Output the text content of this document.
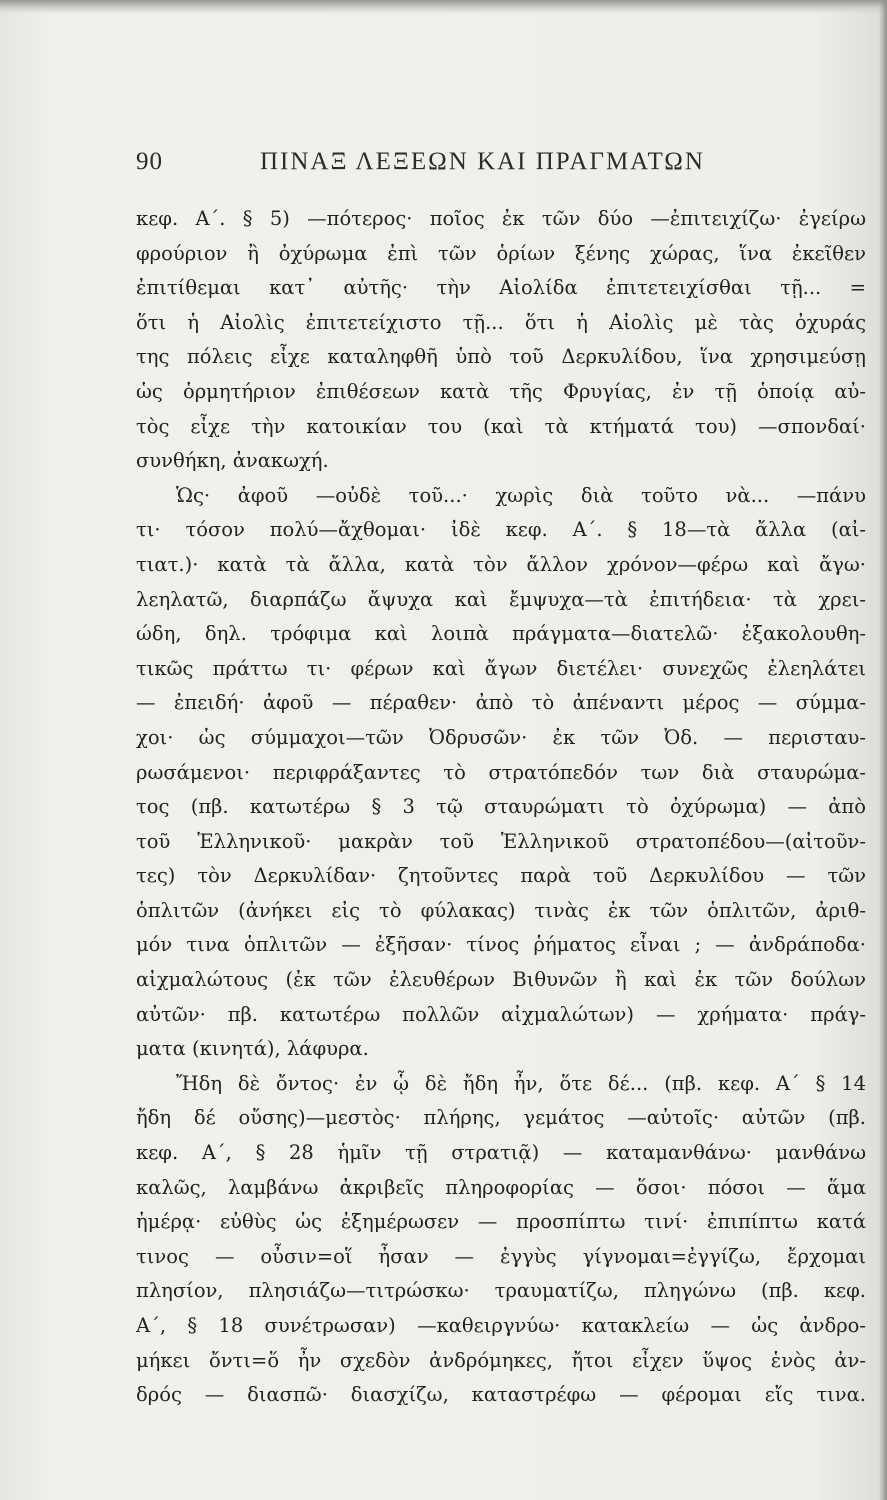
90	ΠΙΝΑΞ ΛΕΞΕΩΝ ΚΑΙ ΠΡΑΓΜΑΤΩΝ
κεφ. Α΄. § 5) —πότερος· ποῖος ἐκ τῶν δύο —ἐπιτειχίζω· ἐγείρω
φρούριον ἢ ὀχύρωμα ἐπὶ τῶν ὁρίων ξένης χώρας, ἵνα ἐκεῖθεν
ἐπιτίθεμαι κατ᾽ αὐτῆς· τὴν Αἰολίδα ἐπιτετειχίσθαι τῇ... =
ὅτι ἡ Αἰολὶς ἐπιτετείχιστο τῇ... ὅτι ἡ Αἰολὶς μὲ τὰς ὀχυράς
της πόλεις εἶχε καταληφθῆ ὑπὸ τοῦ Δερκυλίδου, ἵνα χρησιμεύσῃ
ὡς ὁρμητήριον ἐπιθέσεων κατὰ τῆς Φρυγίας, ἐν τῇ ὁποίᾳ αὐ-
τὸς εἶχε τὴν κατοικίαν του (καὶ τὰ κτήματά του) —σπονδαί·
συνθήκη, ἀνακωχή.
Ὡς· ἀφοῦ —οὐδὲ τοῦ...· χωρὶς διὰ τοῦτο νὰ... —πάνυ
τι· τόσον πολύ—ἄχθομαι· ἰδὲ κεφ. Α΄. § 18—τὰ ἄλλα (αἰ-
τιατ.)· κατὰ τὰ ἄλλα, κατὰ τὸν ἄλλον χρόνον—φέρω καὶ ἄγω·
λεηλατῶ, διαρπάζω ἄψυχα καὶ ἔμψυχα—τὰ ἐπιτήδεια· τὰ χρει-
ώδη, δηλ. τρόφιμα καὶ λοιπὰ πράγματα—διατελῶ· ἐξακολουθη-
τικῶς πράττω τι· φέρων καὶ ἄγων διετέλει· συνεχῶς ἐλεηλάτει
— ἐπειδή· ἀφοῦ — πέραθεν· ἀπὸ τὸ ἀπέναντι μέρος — σύμμα-
χοι· ὡς σύμμαχοι—τῶν Ὀδρυσῶν· ἐκ τῶν Ὀδ. — περισταυ-
ρωσάμενοι· περιφράξαντες τὸ στρατόπεδόν των διὰ σταυρώμα-
τος (πβ. κατωτέρω § 3 τῷ σταυρώματι τὸ ὀχύρωμα) — ἀπὸ
τοῦ Ἑλληνικοῦ· μακρὰν τοῦ Ἑλληνικοῦ στρατοπέδου—(αἰτοῦν-
τες) τὸν Δερκυλίδαν· ζητοῦντες παρὰ τοῦ Δερκυλίδου — τῶν
ὁπλιτῶν (ἀνήκει εἰς τὸ φύλακας) τινὰς ἐκ τῶν ὁπλιτῶν, ἀριθ-
μόν τινα ὁπλιτῶν — ἐξῆσαν· τίνος ῥήματος εἶναι ; — ἀνδράποδα·
αἰχμαλώτους (ἐκ τῶν ἐλευθέρων Βιθυνῶν ἢ καὶ ἐκ τῶν δούλων
αὐτῶν· πβ. κατωτέρω πολλῶν αἰχμαλώτων) — χρήματα· πράγ-
ματα (κινητά), λάφυρα.
Ἤδη δὲ ὄντος· ἐν ᾧ δὲ ἤδη ἦν, ὅτε δέ... (πβ. κεφ. Α΄ § 14
ἤδη δέ οὔσης)—μεστὸς· πλήρης, γεμάτος —αὐτοῖς· αὐτῶν (πβ.
κεφ. Α΄, § 28 ἡμῖν τῇ στρατιᾷ) — καταμανθάνω· μανθάνω
καλῶς, λαμβάνω ἀκριβεῖς πληροφορίας — ὅσοι· πόσοι — ἅμα
ἡμέρᾳ· εὐθὺς ὡς ἐξημέρωσεν — προσπίπτω τινί· ἐπιπίπτω κατά
τινος — οὖσιν=οἵ ἦσαν — ἐγγὺς γίγνομαι=ἐγγίζω, ἔρχομαι
πλησίον, πλησιάζω—τιτρώσκω· τραυματίζω, πληγώνω (πβ. κεφ.
Α΄, § 18 συνέτρωσαν) —καθειργνύω· κατακλείω — ὡς ἀνδρο-
μήκει ὄντι=ὅ ἦν σχεδὸν ἀνδρόμηκες, ἤτοι εἶχεν ὕψος ἑνὸς ἀν-
δρός — διασπῶ· διασχίζω, καταστρέφω — φέρομαι εἴς τινα.
